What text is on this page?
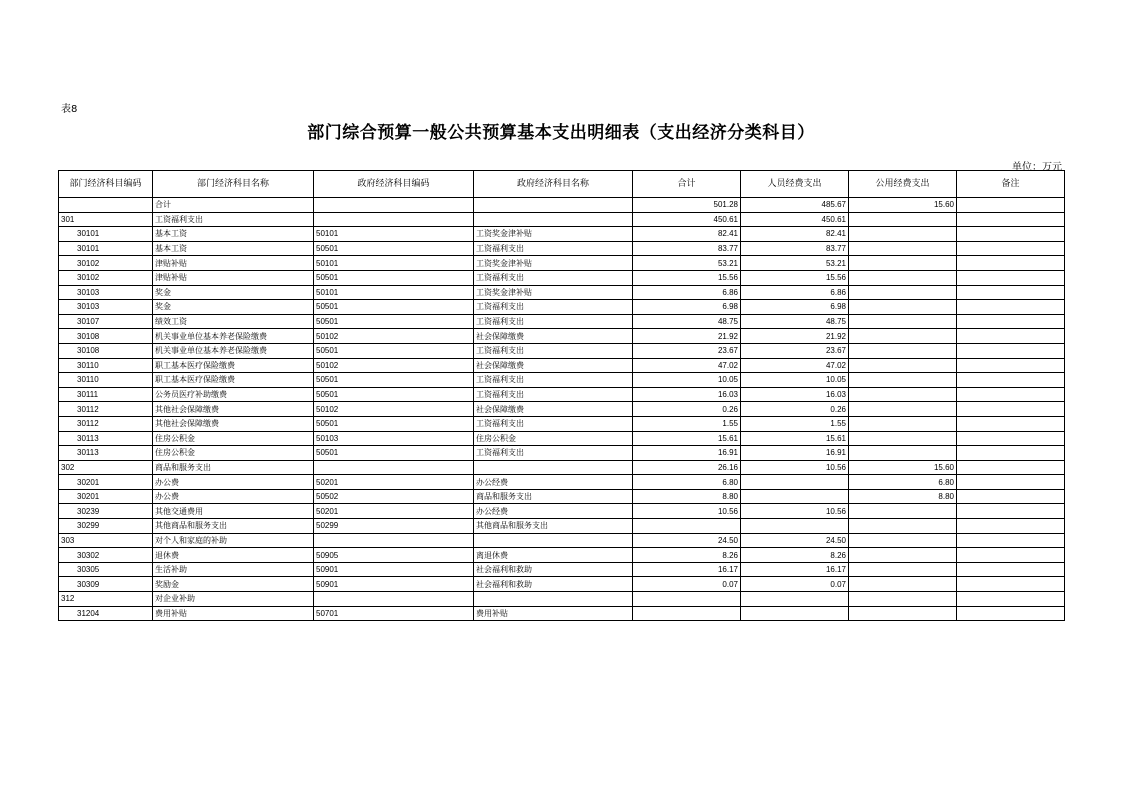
表8
部门综合预算一般公共预算基本支出明细表（支出经济分类科目）
单位：万元
部门经济科目编码	部门经济科目名称	政府经济科目编码	政府经济科目名称	合计	人员经费支出	公用经费支出	备注
	合计			501.28	485.67	15.60	
301	工资福利支出			450.61	450.61		
30101	基本工资	50101	工资奖金津补贴	82.41	82.41		
30101	基本工资	50501	工资福利支出	83.77	83.77		
30102	津贴补贴	50101	工资奖金津补贴	53.21	53.21		
30102	津贴补贴	50501	工资福利支出	15.56	15.56		
30103	奖金	50101	工资奖金津补贴	6.86	6.86		
30103	奖金	50501	工资福利支出	6.98	6.98		
30107	绩效工资	50501	工资福利支出	48.75	48.75		
30108	机关事业单位基本养老保险缴费	50102	社会保障缴费	21.92	21.92		
30108	机关事业单位基本养老保险缴费	50501	工资福利支出	23.67	23.67		
30110	职工基本医疗保险缴费	50102	社会保障缴费	47.02	47.02		
30110	职工基本医疗保险缴费	50501	工资福利支出	10.05	10.05		
30111	公务员医疗补助缴费	50501	工资福利支出	16.03	16.03		
30112	其他社会保障缴费	50102	社会保障缴费	0.26	0.26		
30112	其他社会保障缴费	50501	工资福利支出	1.55	1.55		
30113	住房公积金	50103	住房公积金	15.61	15.61		
30113	住房公积金	50501	工资福利支出	16.91	16.91		
302	商品和服务支出			26.16	10.56	15.60	
30201	办公费	50201	办公经费	6.80		6.80	
30201	办公费	50502	商品和服务支出	8.80		8.80	
30239	其他交通费用	50201	办公经费	10.56	10.56		
30299	其他商品和服务支出	50299	其他商品和服务支出				
303	对个人和家庭的补助			24.50	24.50		
30302	退休费	50905	离退休费	8.26	8.26		
30305	生活补助	50901	社会福利和救助	16.17	16.17		
30309	奖励金	50901	社会福利和救助	0.07	0.07		
312	对企业补助						
31204	费用补贴	50701	费用补贴				
